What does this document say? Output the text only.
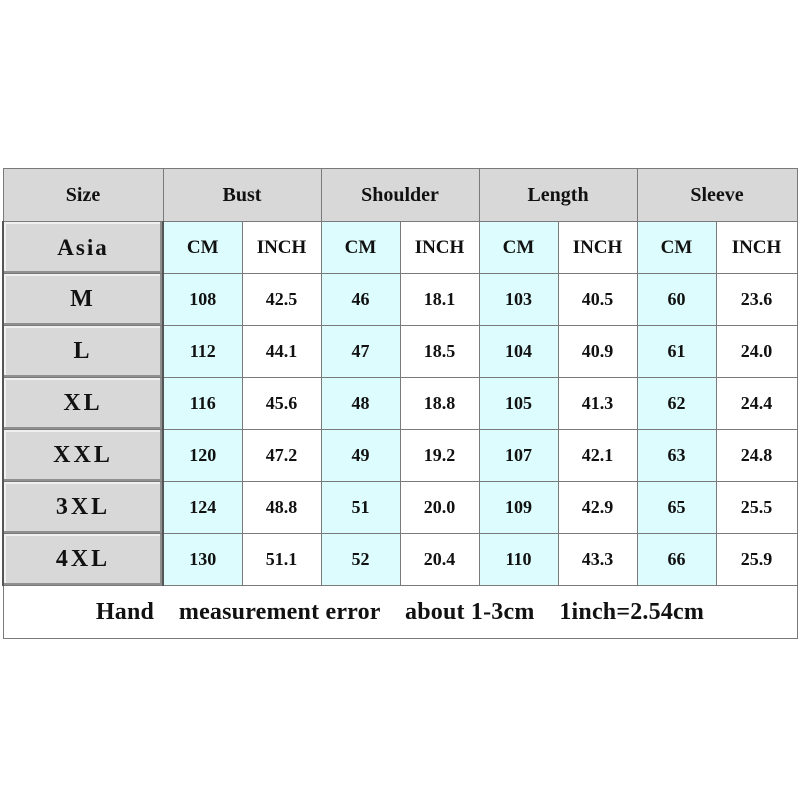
Size	Bust		Shoulder		Length		Sleeve	
Asia	CM	INCH	CM	INCH	CM	INCH	CM	INCH
M	108	42.5	46	18.1	103	40.5	60	23.6
L	112	44.1	47	18.5	104	40.9	61	24.0
XL	116	45.6	48	18.8	105	41.3	62	24.4
XXL	120	47.2	49	19.2	107	42.1	63	24.8
3XL	124	48.8	51	20.0	109	42.9	65	25.5
4XL	130	51.1	52	20.4	110	43.3	66	25.9
Hand    measurement error    about 1-3cm    1inch=2.54cm								
